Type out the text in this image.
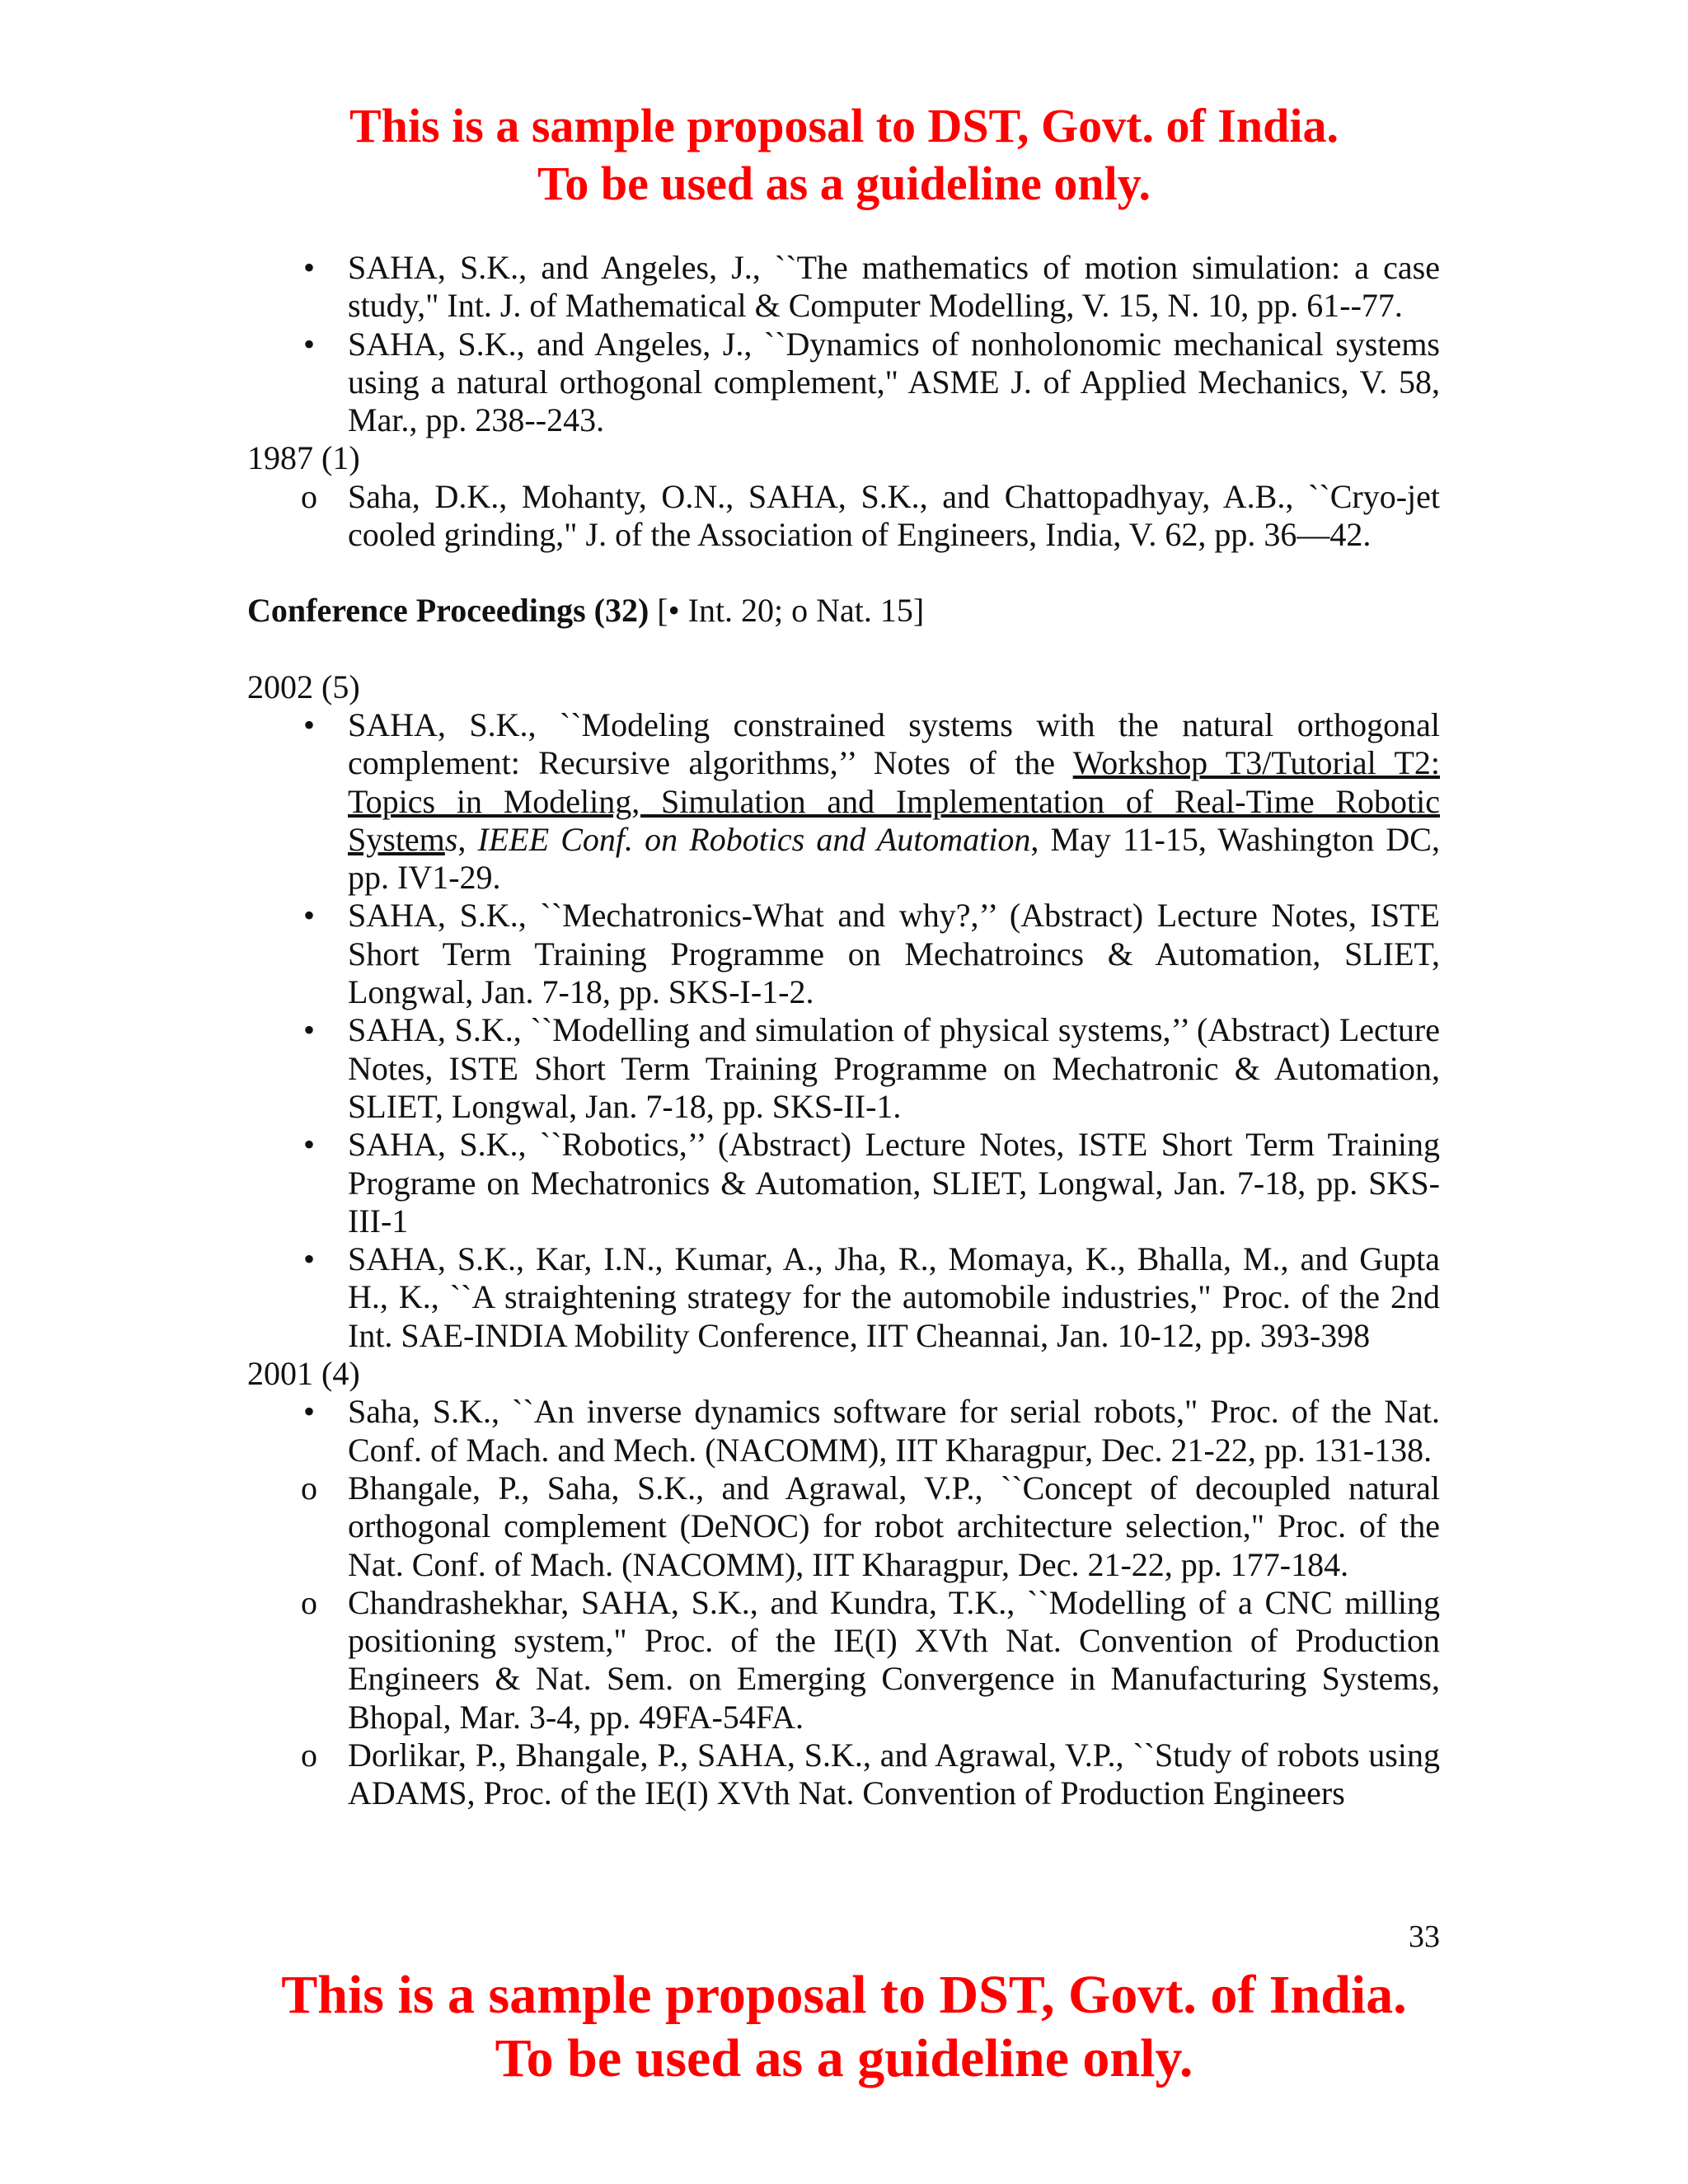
This is a sample proposal to DST, Govt. of India.
To be used as a guideline only.
• SAHA, S.K., and Angeles, J., ``The mathematics of motion simulation: a case study," Int. J. of Mathematical & Computer Modelling, V. 15, N. 10, pp. 61--77.
• SAHA, S.K., and Angeles, J., ``Dynamics of nonholonomic mechanical systems using a natural orthogonal complement," ASME J. of Applied Mechanics, V. 58, Mar., pp. 238--243.
1987 (1)
o Saha, D.K., Mohanty, O.N., SAHA, S.K., and Chattopadhyay, A.B., ``Cryo-jet cooled grinding," J. of the Association of Engineers, India, V. 62, pp. 36—42.
Conference Proceedings (32) [• Int. 20; o Nat. 15]
2002 (5)
• SAHA, S.K., ``Modeling constrained systems with the natural orthogonal complement: Recursive algorithms,’’ Notes of the Workshop T3/Tutorial T2: Topics in Modeling, Simulation and Implementation of Real-Time Robotic Systems, IEEE Conf. on Robotics and Automation, May 11-15, Washington DC, pp. IV1-29.
• SAHA, S.K., ``Mechatronics-What and why?,’’ (Abstract) Lecture Notes, ISTE Short Term Training Programme on Mechatroincs & Automation, SLIET, Longwal, Jan. 7-18, pp. SKS-I-1-2.
• SAHA, S.K., ``Modelling and simulation of physical systems,’’ (Abstract) Lecture Notes, ISTE Short Term Training Programme on Mechatronic & Automation, SLIET, Longwal, Jan. 7-18, pp. SKS-II-1.
• SAHA, S.K., ``Robotics,’’ (Abstract) Lecture Notes, ISTE Short Term Training Programe on Mechatronics & Automation, SLIET, Longwal, Jan. 7-18, pp. SKS-III-1
• SAHA, S.K., Kar, I.N., Kumar, A., Jha, R., Momaya, K., Bhalla, M., and Gupta H., K., ``A straightening strategy for the automobile industries," Proc. of the 2nd Int. SAE-INDIA Mobility Conference, IIT Cheannai, Jan. 10-12, pp. 393-398
2001 (4)
• Saha, S.K., ``An inverse dynamics software for serial robots," Proc. of the Nat. Conf. of Mach. and Mech. (NACOMM), IIT Kharagpur, Dec. 21-22, pp. 131-138.
o Bhangale, P., Saha, S.K., and Agrawal, V.P., ``Concept of decoupled natural orthogonal complement (DeNOC) for robot architecture selection," Proc. of the Nat. Conf. of Mach. (NACOMM), IIT Kharagpur, Dec. 21-22, pp. 177-184.
o Chandrashekhar, SAHA, S.K., and Kundra, T.K., ``Modelling of a CNC milling positioning system," Proc. of the IE(I) XVth Nat. Convention of Production Engineers & Nat. Sem. on Emerging Convergence in Manufacturing Systems, Bhopal, Mar. 3-4, pp. 49FA-54FA.
o Dorlikar, P., Bhangale, P., SAHA, S.K., and Agrawal, V.P., ``Study of robots using ADAMS, Proc. of the IE(I) XVth Nat. Convention of Production Engineers
33
This is a sample proposal to DST, Govt. of India.
To be used as a guideline only.
